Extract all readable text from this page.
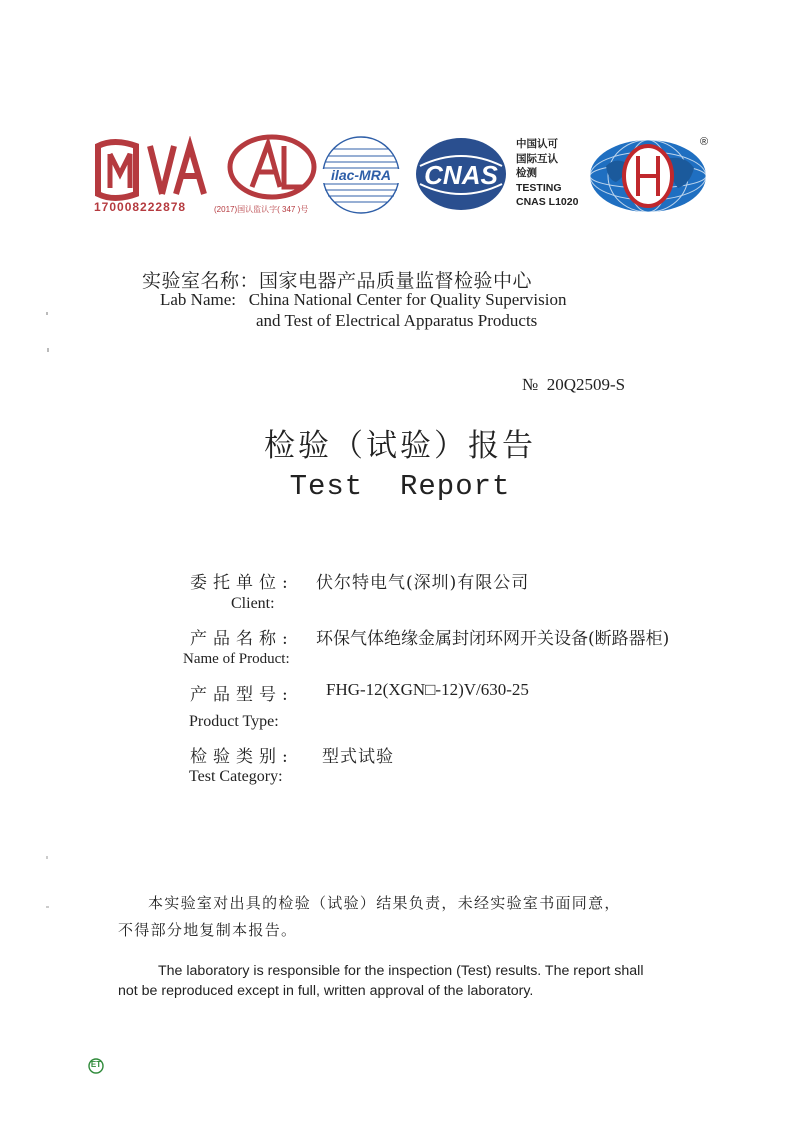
170008222878	(2017)国认监认字( 347 )号
ilac-MRA	CNAS
中国认可
国际互认
检测
TESTING
CNAS L1020
®
实验室名称：国家电器产品质量监督检验中心
Lab Name:   China National Center for Quality Supervision
and Test of Electrical Apparatus Products
№  20Q2509-S
检验（试验）报告
Test  Report
委托单位: 伏尔特电气(深圳)有限公司
Client:
产品名称: 环保气体绝缘金属封闭环网开关设备(断路器柜)
Name of Product:
产品型号: FHG-12(XGN□-12)V/630-25
Product Type:
检验类别: 型式试验
Test Category:
本实验室对出具的检验（试验）结果负责，未经实验室书面同意，
不得部分地复制本报告。
The laboratory is responsible for the inspection (Test) results. The report shall
not be reproduced except in full, written approval of the laboratory.
ET
